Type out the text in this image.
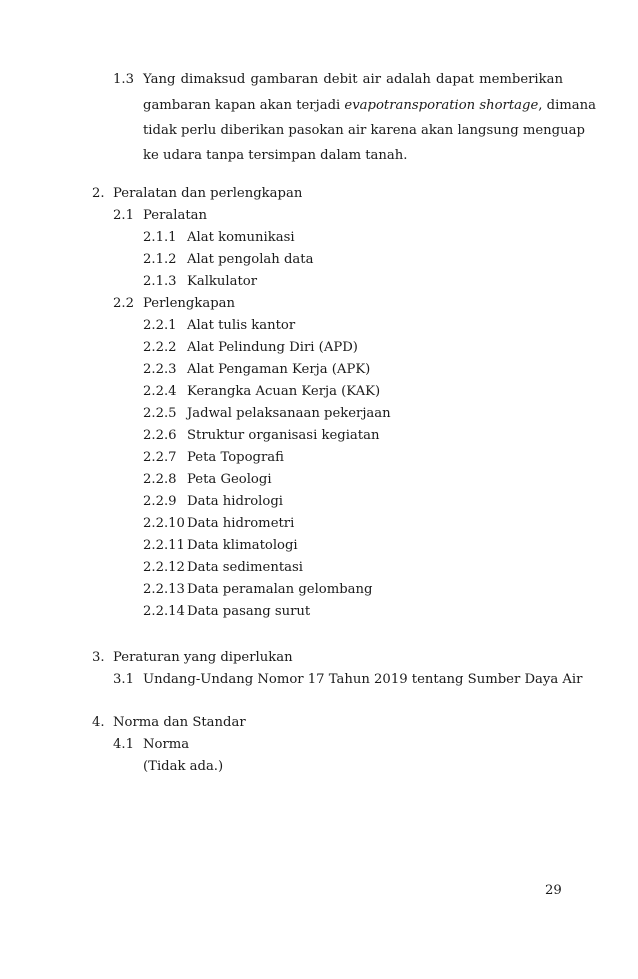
1.3 Yang dimaksud gambaran debit air adalah dapat memberikan
gambaran kapan akan terjadi evapotransporation shortage, dimana
tidak perlu diberikan pasokan air karena akan langsung menguap
ke udara tanpa tersimpan dalam tanah.
2. Peralatan dan perlengkapan
2.1 Peralatan
2.1.1 Alat komunikasi
2.1.2 Alat pengolah data
2.1.3 Kalkulator
2.2 Perlengkapan
2.2.1 Alat tulis kantor
2.2.2 Alat Pelindung Diri (APD)
2.2.3 Alat Pengaman Kerja (APK)
2.2.4 Kerangka Acuan Kerja (KAK)
2.2.5 Jadwal pelaksanaan pekerjaan
2.2.6 Struktur organisasi kegiatan
2.2.7 Peta Topografi
2.2.8 Peta Geologi
2.2.9 Data hidrologi
2.2.10 Data hidrometri
2.2.11 Data klimatologi
2.2.12 Data sedimentasi
2.2.13 Data peramalan gelombang
2.2.14 Data pasang surut
3. Peraturan yang diperlukan
3.1 Undang-Undang Nomor 17 Tahun 2019 tentang Sumber Daya Air
4. Norma dan Standar
4.1 Norma
(Tidak ada.)
29
